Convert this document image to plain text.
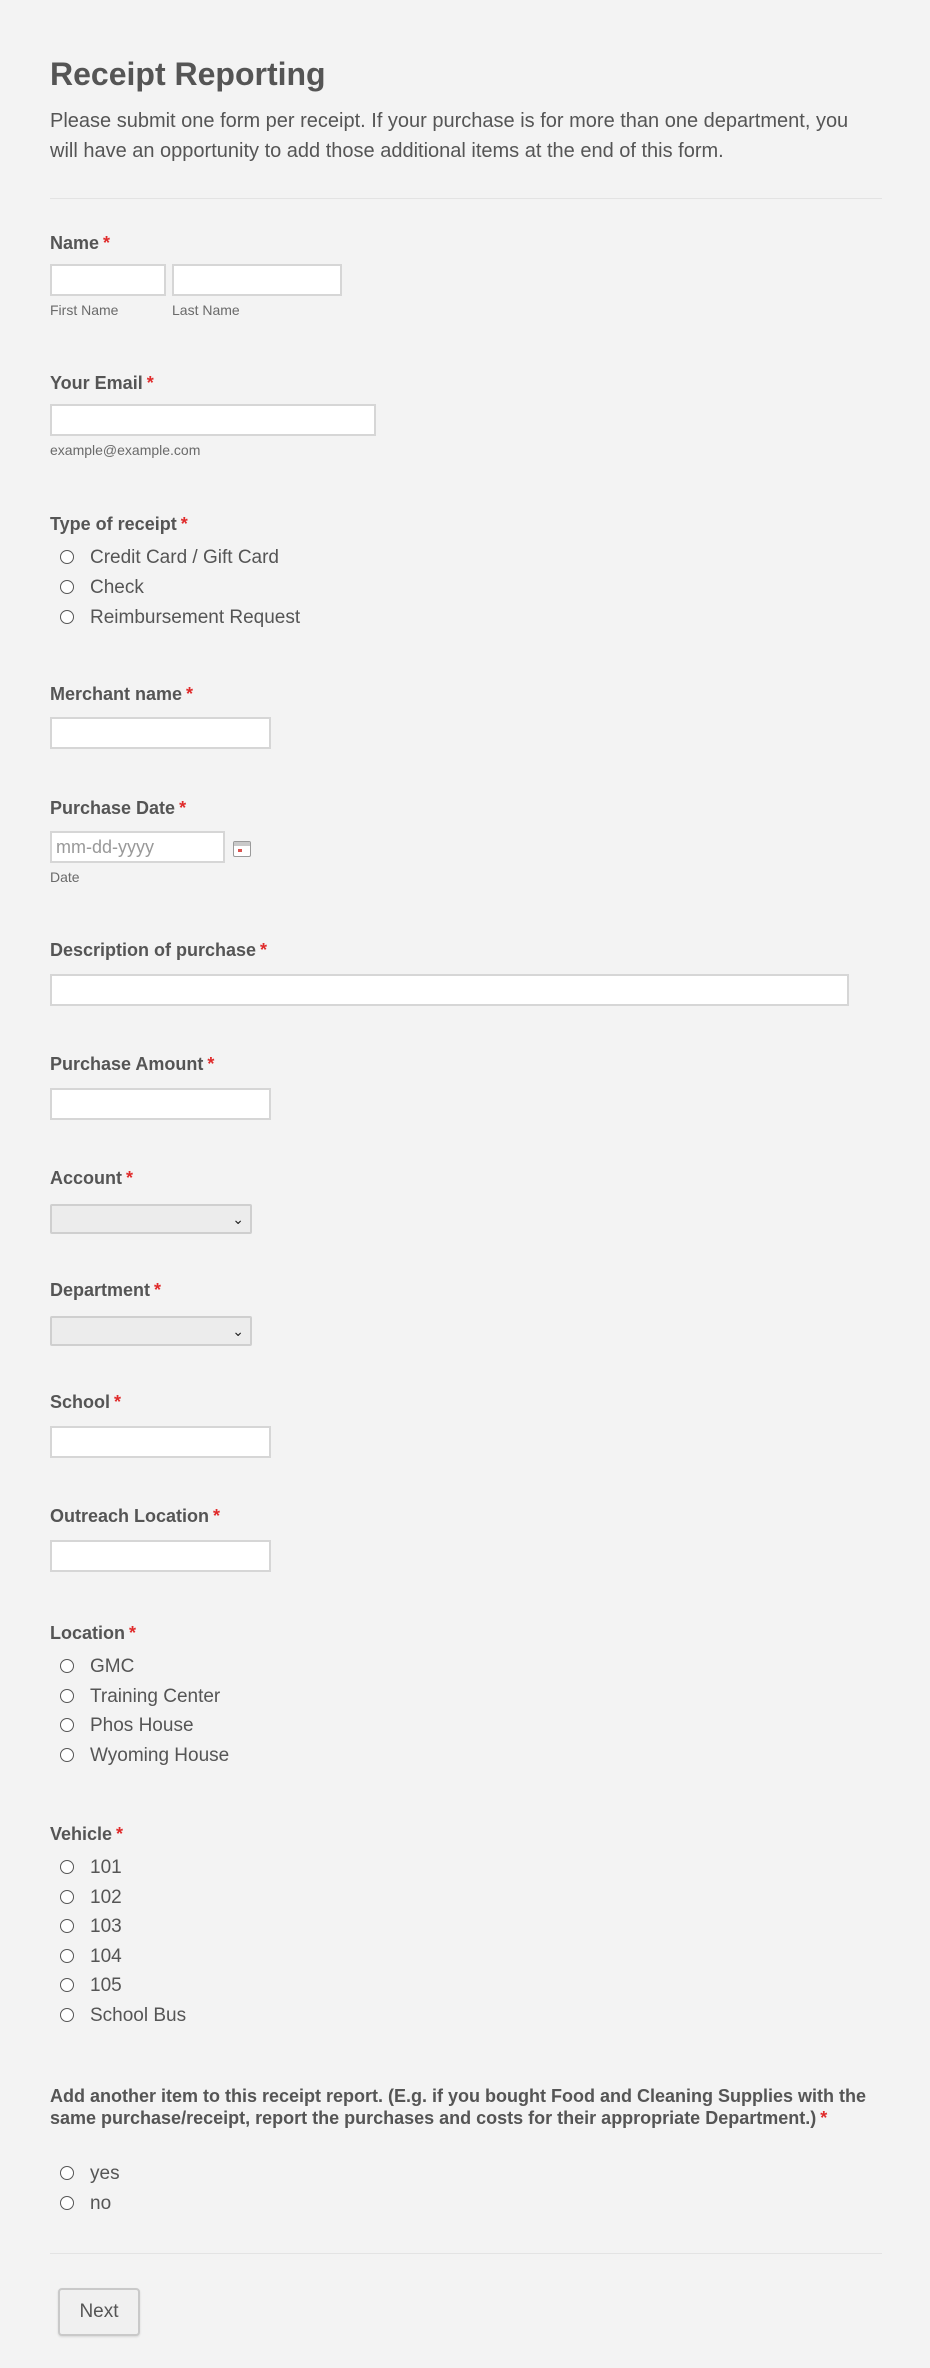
Receipt Reporting
Please submit one form per receipt. If your purchase is for more than one department, you will have an opportunity to add those additional items at the end of this form.
Name *
First Name	Last Name
Your Email *
example@example.com
Type of receipt *
Credit Card / Gift Card
Check
Reimbursement Request
Merchant name *
Purchase Date *
mm-dd-yyyy
Date
Description of purchase *
Purchase Amount *
Account *
⌄
Department *
⌄
School *
Outreach Location *
Location *
GMC
Training Center
Phos House
Wyoming House
Vehicle *
101
102
103
104
105
School Bus
Add another item to this receipt report. (E.g. if you bought Food and Cleaning Supplies with the same purchase/receipt, report the purchases and costs for their appropriate Department.) *
yes
no
Next
